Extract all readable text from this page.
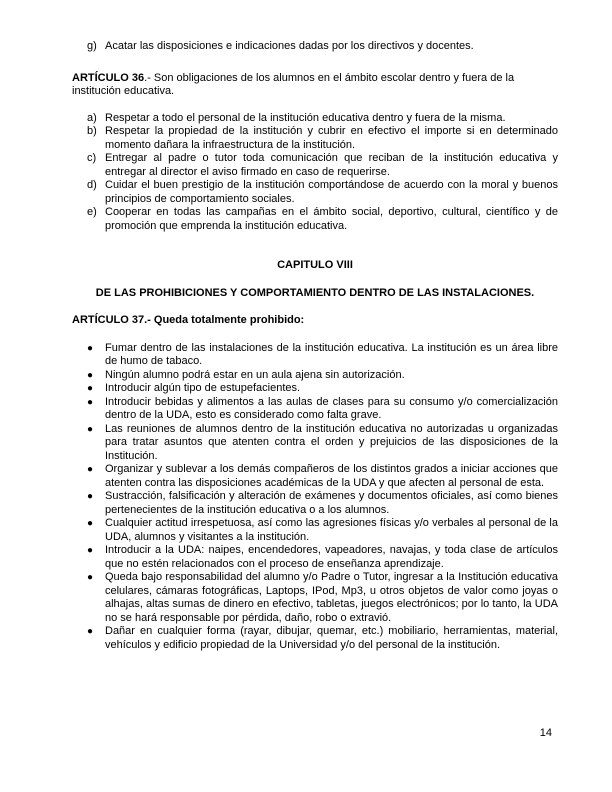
g) Acatar las disposiciones e indicaciones dadas por los directivos y docentes.

ARTÍCULO 36.- Son obligaciones de los alumnos en el ámbito escolar dentro y fuera de la institución educativa.

a) Respetar a todo el personal de la institución educativa dentro y fuera de la misma.
b) Respetar la propiedad de la institución y cubrir en efectivo el importe si en determinado momento dañara la infraestructura de la institución.
c) Entregar al padre o tutor toda comunicación que reciban de la institución educativa y entregar al director el aviso firmado en caso de requerirse.
d) Cuidar el buen prestigio de la institución comportándose de acuerdo con la moral y buenos principios de comportamiento sociales.
e) Cooperar en todas las campañas en el ámbito social, deportivo, cultural, científico y de promoción que emprenda la institución educativa.
CAPITULO VIII
DE LAS PROHIBICIONES Y COMPORTAMIENTO DENTRO DE LAS INSTALACIONES.
ARTÍCULO 37.- Queda totalmente prohibido:
●	Fumar dentro de las instalaciones de la institución educativa. La institución es un área libre de humo de tabaco.
●	Ningún alumno podrá estar en un aula ajena sin autorización.
●	Introducir algún tipo de estupefacientes.
●	Introducir bebidas y alimentos a las aulas de clases para su consumo y/o comercialización dentro de la UDA, esto es considerado como falta grave.
●	Las reuniones de alumnos dentro de la institución educativa no autorizadas u organizadas para tratar asuntos que atenten contra el orden y prejuicios de las disposiciones de la Institución.
●	Organizar y sublevar a los demás compañeros de los distintos grados a iniciar acciones que atenten contra las disposiciones académicas de la UDA y que afecten al personal de esta.
●	Sustracción, falsificación y alteración de exámenes y documentos oficiales, así como bienes pertenecientes de la institución educativa o a los alumnos.
●	Cualquier actitud irrespetuosa, así como las agresiones físicas y/o verbales al personal de la UDA, alumnos y visitantes a la institución.
●	Introducir a la UDA: naipes, encendedores, vapeadores, navajas, y toda clase de artículos que no estén relacionados con el proceso de enseñanza aprendizaje.
●	Queda bajo responsabilidad del alumno y/o Padre o Tutor, ingresar a la Institución educativa celulares, cámaras fotográficas, Laptops, IPod, Mp3, u otros objetos de valor como joyas o alhajas, altas sumas de dinero en efectivo, tabletas, juegos electrónicos; por lo tanto, la UDA no se hará responsable por pérdida, daño, robo o extravió.
●	Dañar en cualquier forma (rayar, dibujar, quemar, etc.) mobiliario, herramientas, material, vehículos y edificio propiedad de la Universidad y/o del personal de la institución.
14
